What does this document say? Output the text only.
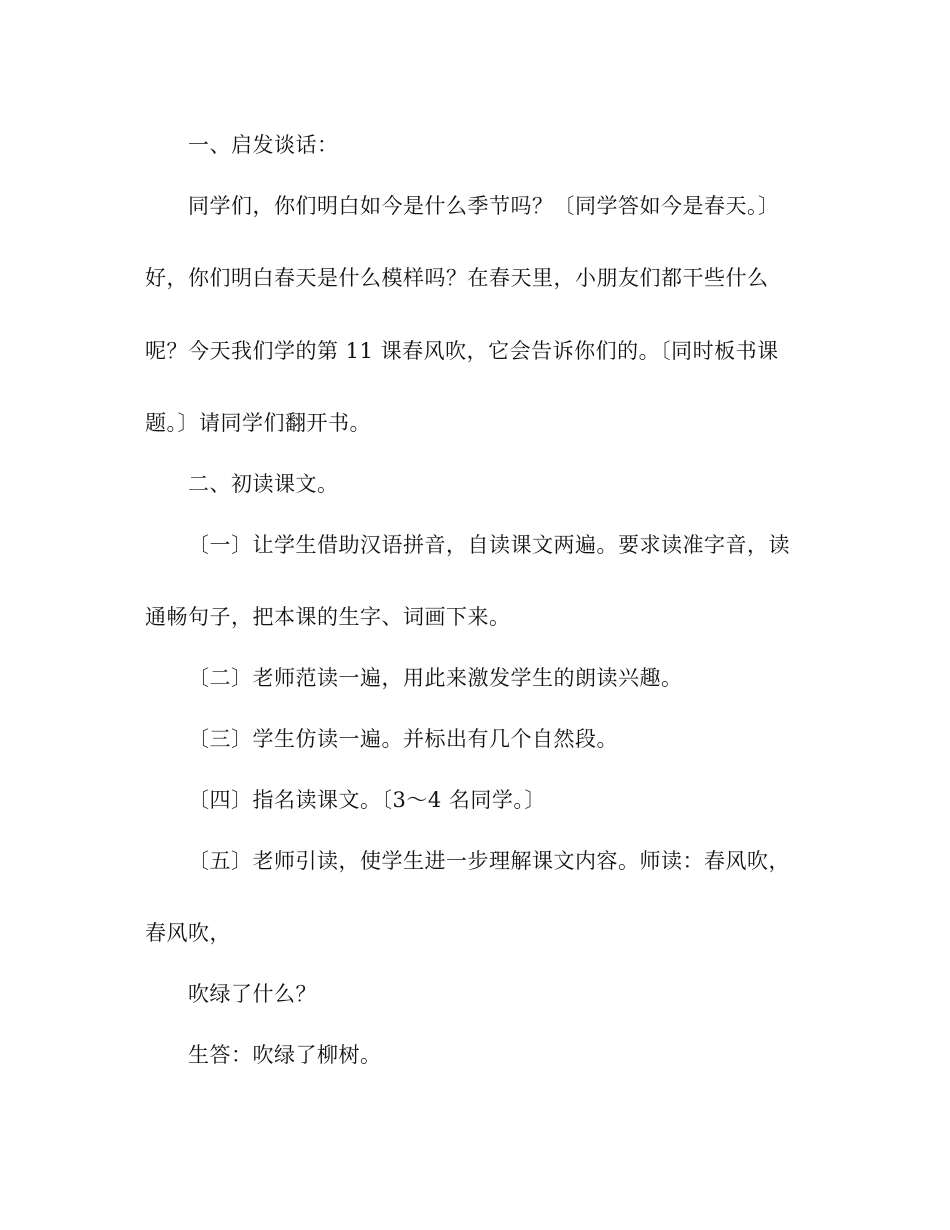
一、启发谈话：
同学们，你们明白如今是什么季节吗？〔同学答如今是春天。〕
好，你们明白春天是什么模样吗？在春天里，小朋友们都干些什么
呢？今天我们学的第 11 课春风吹，它会告诉你们的。〔同时板书课
题。〕请同学们翻开书。
二、初读课文。
〔一〕让学生借助汉语拼音，自读课文两遍。要求读准字音，读
通畅句子，把本课的生字、词画下来。
〔二〕老师范读一遍，用此来激发学生的朗读兴趣。
〔三〕学生仿读一遍。并标出有几个自然段。
〔四〕指名读课文。〔3～4 名同学。〕
〔五〕老师引读，使学生进一步理解课文内容。师读：春风吹，
春风吹，
吹绿了什么？
生答：吹绿了柳树。
